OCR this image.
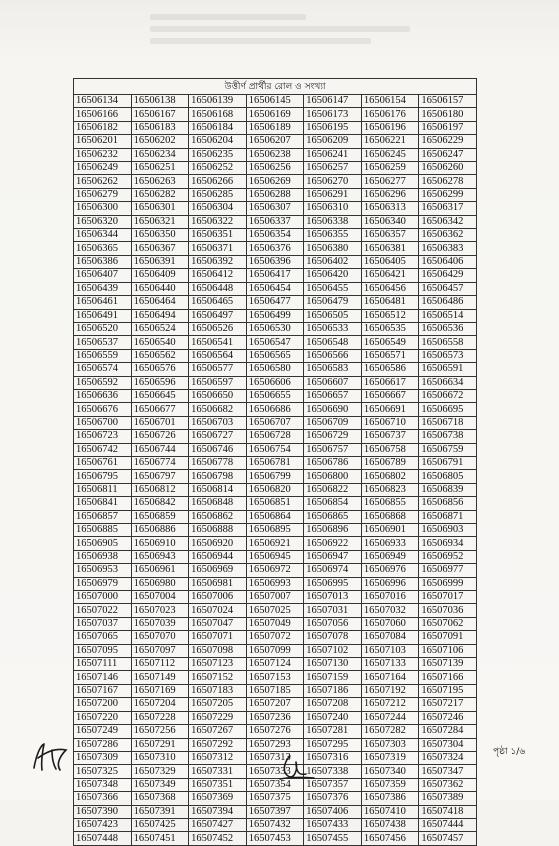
উত্তীর্ণ প্রার্থীর রোল ও সংখ্যা						
16506134	16506138	16506139	16506145	16506147	16506154	16506157
16506166	16506167	16506168	16506169	16506173	16506176	16506180
16506182	16506183	16506184	16506189	16506195	16506196	16506197
16506201	16506202	16506204	16506207	16506209	16506221	16506229
16506232	16506234	16506235	16506238	16506241	16506245	16506247
16506249	16506251	16506252	16506256	16506257	16506259	16506260
16506262	16506263	16506266	16506269	16506270	16506277	16506278
16506279	16506282	16506285	16506288	16506291	16506296	16506299
16506300	16506301	16506304	16506307	16506310	16506313	16506317
16506320	16506321	16506322	16506337	16506338	16506340	16506342
16506344	16506350	16506351	16506354	16506355	16506357	16506362
16506365	16506367	16506371	16506376	16506380	16506381	16506383
16506386	16506391	16506392	16506396	16506402	16506405	16506406
16506407	16506409	16506412	16506417	16506420	16506421	16506429
16506439	16506440	16506448	16506454	16506455	16506456	16506457
16506461	16506464	16506465	16506477	16506479	16506481	16506486
16506491	16506494	16506497	16506499	16506505	16506512	16506514
16506520	16506524	16506526	16506530	16506533	16506535	16506536
16506537	16506540	16506541	16506547	16506548	16506549	16506558
16506559	16506562	16506564	16506565	16506566	16506571	16506573
16506574	16506576	16506577	16506580	16506583	16506586	16506591
16506592	16506596	16506597	16506606	16506607	16506617	16506634
16506636	16506645	16506650	16506655	16506657	16506667	16506672
16506676	16506677	16506682	16506686	16506690	16506691	16506695
16506700	16506701	16506703	16506707	16506709	16506710	16506718
16506723	16506726	16506727	16506728	16506729	16506737	16506738
16506742	16506744	16506746	16506754	16506757	16506758	16506759
16506761	16506774	16506778	16506781	16506786	16506789	16506791
16506795	16506797	16506798	16506799	16506800	16506802	16506805
16506811	16506812	16506814	16506820	16506822	16506823	16506839
16506841	16506842	16506848	16506851	16506854	16506855	16506856
16506857	16506859	16506862	16506864	16506865	16506868	16506871
16506885	16506886	16506888	16506895	16506896	16506901	16506903
16506905	16506910	16506920	16506921	16506922	16506933	16506934
16506938	16506943	16506944	16506945	16506947	16506949	16506952
16506953	16506961	16506969	16506972	16506974	16506976	16506977
16506979	16506980	16506981	16506993	16506995	16506996	16506999
16507000	16507004	16507006	16507007	16507013	16507016	16507017
16507022	16507023	16507024	16507025	16507031	16507032	16507036
16507037	16507039	16507047	16507049	16507056	16507060	16507062
16507065	16507070	16507071	16507072	16507078	16507084	16507091
16507095	16507097	16507098	16507099	16507102	16507103	16507106
16507111	16507112	16507123	16507124	16507130	16507133	16507139
16507146	16507149	16507152	16507153	16507159	16507164	16507166
16507167	16507169	16507183	16507185	16507186	16507192	16507195
16507200	16507204	16507205	16507207	16507208	16507212	16507217
16507220	16507228	16507229	16507236	16507240	16507244	16507246
16507249	16507256	16507267	16507276	16507281	16507282	16507284
16507286	16507291	16507292	16507293	16507295	16507303	16507304
16507309	16507310	16507312	16507313	16507316	16507319	16507324
16507325	16507329	16507331	16507333	16507338	16507340	16507347
16507348	16507349	16507351	16507354	16507357	16507359	16507362
16507366	16507368	16507369	16507375	16507376	16507386	16507389
16507390	16507391	16507394	16507397	16507406	16507410	16507418
16507423	16507425	16507427	16507432	16507433	16507438	16507444
16507448	16507451	16507452	16507453	16507455	16507456	16507457
পৃষ্ঠা ১/৬
